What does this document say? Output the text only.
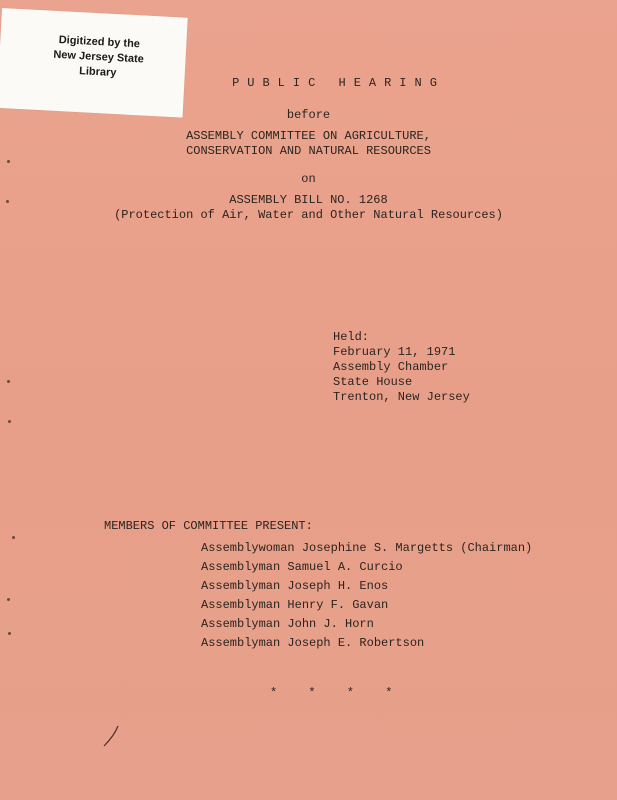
Digitized by the
New Jersey State Library
PUBLIC HEARING
before
ASSEMBLY COMMITTEE ON AGRICULTURE,
CONSERVATION AND NATURAL RESOURCES
on
ASSEMBLY BILL NO. 1268
(Protection of Air, Water and Other Natural Resources)
Held:
February 11, 1971
Assembly Chamber
State House
Trenton, New Jersey
MEMBERS OF COMMITTEE PRESENT:
Assemblywoman Josephine S. Margetts (Chairman)
Assemblyman Samuel A. Curcio
Assemblyman Joseph H. Enos
Assemblyman Henry F. Gavan
Assemblyman John J. Horn
Assemblyman Joseph E. Robertson
* * * *
